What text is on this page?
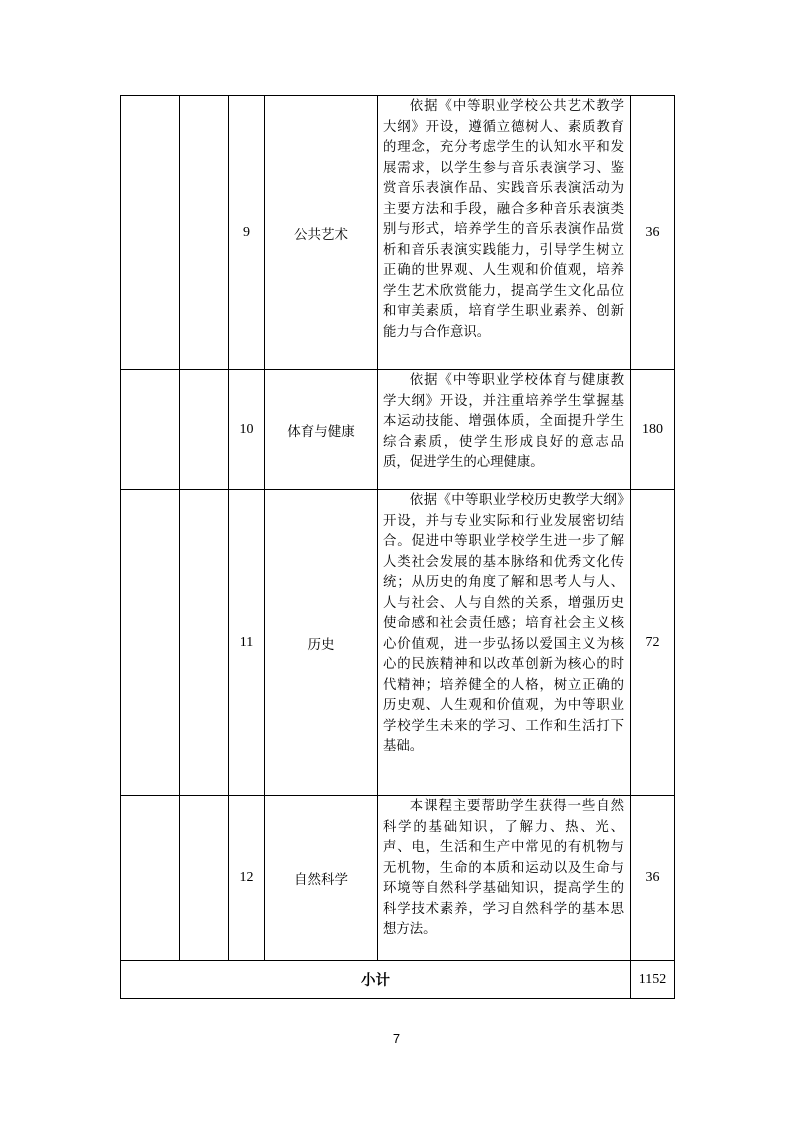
		9	公共艺术	依据《中等职业学校公共艺术教学大纲》开设，遵循立德树人、素质教育的理念，充分考虑学生的认知水平和发展需求，以学生参与音乐表演学习、鉴赏音乐表演作品、实践音乐表演活动为主要方法和手段，融合多种音乐表演类别与形式，培养学生的音乐表演作品赏析和音乐表演实践能力，引导学生树立正确的世界观、人生观和价值观，培养学生艺术欣赏能力，提高学生文化品位和审美素质，培育学生职业素养、创新能力与合作意识。	36
		10	体育与健康	依据《中等职业学校体育与健康教学大纲》开设，并注重培养学生掌握基本运动技能、增强体质，全面提升学生综合素质，使学生形成良好的意志品质，促进学生的心理健康。	180
		11	历史	依据《中等职业学校历史教学大纲》开设，并与专业实际和行业发展密切结合。促进中等职业学校学生进一步了解人类社会发展的基本脉络和优秀文化传统；从历史的角度了解和思考人与人、人与社会、人与自然的关系，增强历史使命感和社会责任感；培育社会主义核心价值观，进一步弘扬以爱国主义为核心的民族精神和以改革创新为核心的时代精神；培养健全的人格，树立正确的历史观、人生观和价值观，为中等职业学校学生未来的学习、工作和生活打下基础。	72
		12	自然科学	本课程主要帮助学生获得一些自然科学的基础知识，了解力、热、光、声、电，生活和生产中常见的有机物与无机物，生命的本质和运动以及生命与环境等自然科学基础知识，提高学生的科学技术素养，学习自然科学的基本思想方法。	36
小计					1152
7
